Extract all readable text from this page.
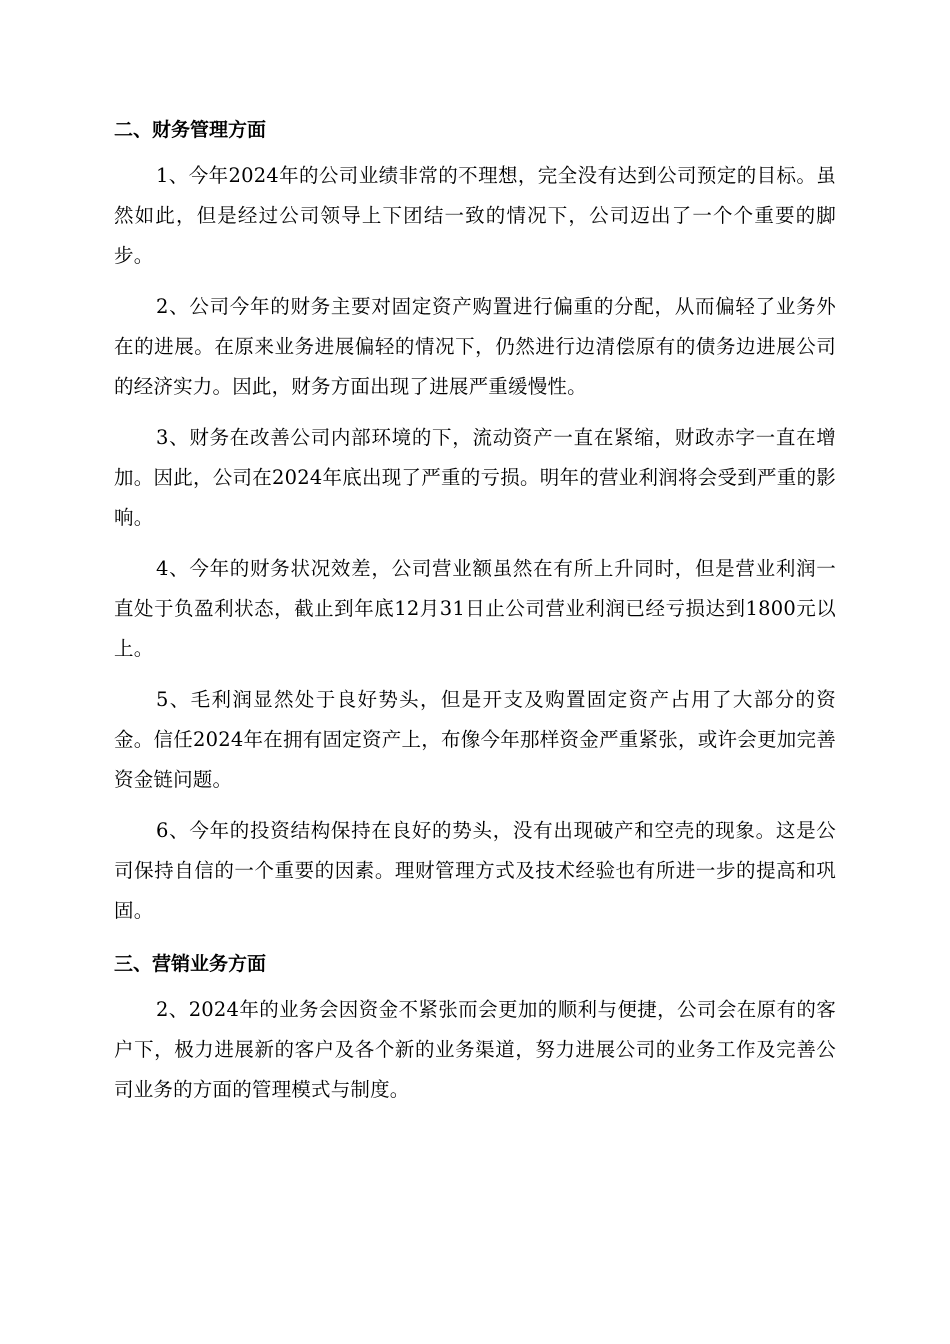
二、财务管理方面

1、今年2024年的公司业绩非常的不理想，完全没有达到公司预定的目标。虽然如此，但是经过公司领导上下团结一致的情况下，公司迈出了一个个重要的脚步。

2、公司今年的财务主要对固定资产购置进行偏重的分配，从而偏轻了业务外在的进展。在原来业务进展偏轻的情况下，仍然进行边清偿原有的债务边进展公司的经济实力。因此，财务方面出现了进展严重缓慢性。

3、财务在改善公司内部环境的下，流动资产一直在紧缩，财政赤字一直在增加。因此，公司在2024年底出现了严重的亏损。明年的营业利润将会受到严重的影响。

4、今年的财务状况效差，公司营业额虽然在有所上升同时，但是营业利润一直处于负盈利状态，截止到年底12月31日止公司营业利润已经亏损达到1800元以上。

5、毛利润显然处于良好势头，但是开支及购置固定资产占用了大部分的资金。信任2024年在拥有固定资产上，布像今年那样资金严重紧张，或许会更加完善资金链问题。

6、今年的投资结构保持在良好的势头，没有出现破产和空壳的现象。这是公司保持自信的一个重要的因素。理财管理方式及技术经验也有所进一步的提高和巩固。

三、营销业务方面

2、2024年的业务会因资金不紧张而会更加的顺利与便捷，公司会在原有的客户下，极力进展新的客户及各个新的业务渠道，努力进展公司的业务工作及完善公司业务的方面的管理模式与制度。
